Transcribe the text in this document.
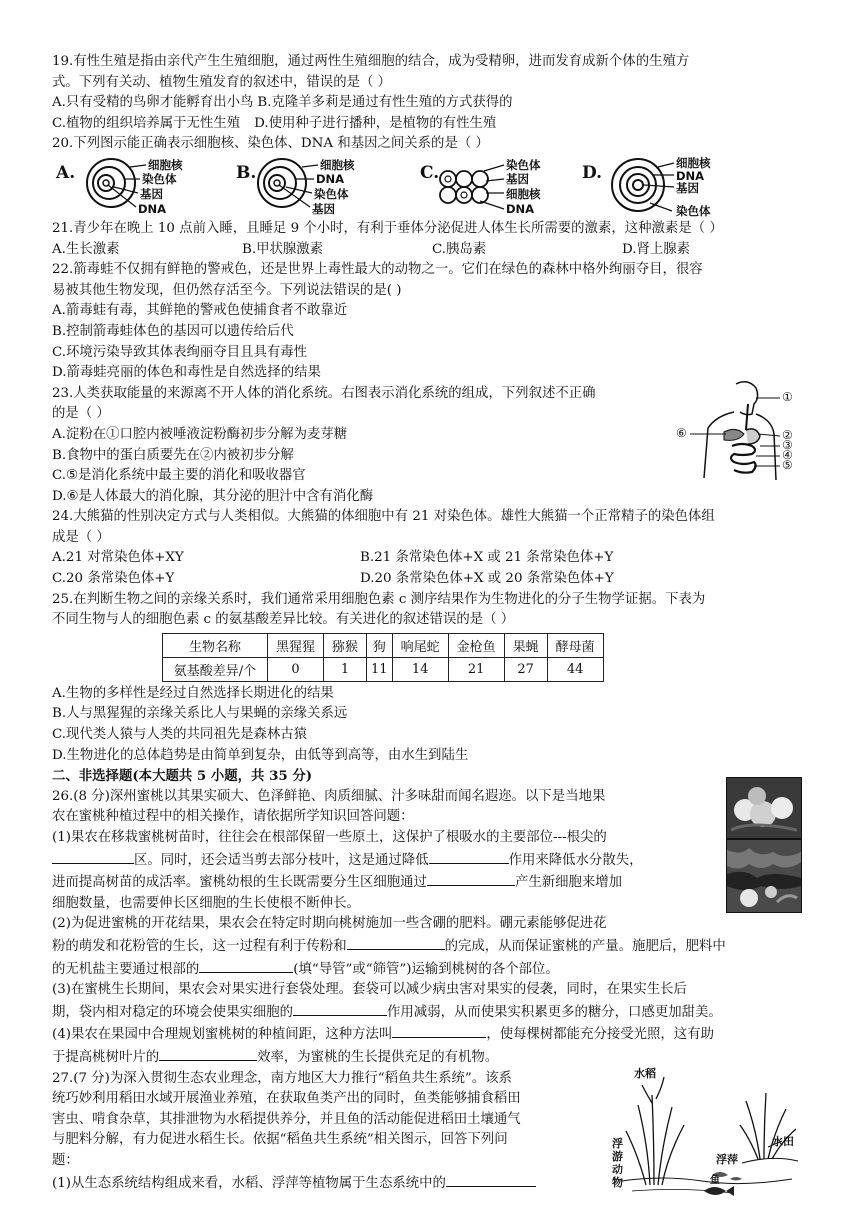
19.有性生殖是指由亲代产生生殖细胞，通过两性生殖细胞的结合，成为受精卵，进而发育成新个体的生殖方
式。下列有关动、植物生殖发育的叙述中，错误的是（ ）
A.只有受精的鸟卵才能孵育出小鸟 B.克隆羊多莉是通过有性生殖的方式获得的
C.植物的组织培养属于无性生殖 D.使用种子进行播种，是植物的有性生殖
20.下列图示能正确表示细胞核、染色体、DNA 和基因之间关系的是（ ）
A.	细胞核
染色体
基因
DNA
B.	细胞核
DNA
染色体
基因
C.	染色体
基因
细胞核
DNA
D.	细胞核
DNA
基因
染色体
21.青少年在晚上 10 点前入睡，且睡足 9 个小时，有利于垂体分泌促进人体生长所需要的激素，这种激素是（ ）
A.生长激素	B.甲状腺激素	C.胰岛素	D.肾上腺素
22.箭毒蛙不仅拥有鲜艳的警戒色，还是世界上毒性最大的动物之一。它们在绿色的森林中格外绚丽夺目，很容
易被其他生物发现，但仍然存活至今。下列说法错误的是( )
A.箭毒蛙有毒，其鲜艳的警戒色使捕食者不敢靠近
B.控制箭毒蛙体色的基因可以遗传给后代
C.环境污染导致其体表绚丽夺目且具有毒性
D.箭毒蛙亮丽的体色和毒性是自然选择的结果
23.人类获取能量的来源离不开人体的消化系统。右图表示消化系统的组成，下列叙述不正确
的是（ ）
A.淀粉在①口腔内被唾液淀粉酶初步分解为麦芽糖
B.食物中的蛋白质要先在②内被初步分解
C.⑤是消化系统中最主要的消化和吸收器官
D.⑥是人体最大的消化腺，其分泌的胆汁中含有消化酶
①
②
③
④
⑤
⑥
24.大熊猫的性别决定方式与人类相似。大熊猫的体细胞中有 21 对染色体。雄性大熊猫一个正常精子的染色体组
成是（ ）
A.21 对常染色体+XY	B.21 条常染色体+X 或 21 条常染色体+Y
C.20 条常染色体+Y	D.20 条常染色体+X 或 20 条常染色体+Y
25.在判断生物之间的亲缘关系时，我们通常采用细胞色素 c 测序结果作为生物进化的分子生物学证据。下表为
不同生物与人的细胞色素 c 的氨基酸差异比较。有关进化的叙述错误的是（ ）
生物名称	黑猩猩	猕猴	狗	响尾蛇	金枪鱼	果蝇	酵母菌
氨基酸差异/个	0	1	11	14	21	27	44
A.生物的多样性是经过自然选择长期进化的结果
B.人与黑猩猩的亲缘关系比人与果蝇的亲缘关系远
C.现代类人猿与人类的共同祖先是森林古猿
D.生物进化的总体趋势是由简单到复杂，由低等到高等，由水生到陆生
二、非选择题(本大题共 5 小题，共 35 分)
26.(8 分)深州蜜桃以其果实硕大、色泽鲜艳、肉质细腻、汁多味甜而闻名遐迩。以下是当地果
农在蜜桃种植过程中的相关操作，请依据所学知识回答问题：
(1)果农在移栽蜜桃树苗时，往往会在根部保留一些原土，这保护了根吸水的主要部位---根尖的
区。同时，还会适当剪去部分枝叶，这是通过降低	作用来降低水分散失，
进而提高树苗的成活率。蜜桃幼根的生长既需要分生区细胞通过	产生新细胞来增加
细胞数量，也需要伸长区细胞的生长使根不断伸长。
(2)为促进蜜桃的开花结果，果农会在特定时期向桃树施加一些含硼的肥料。硼元素能够促进花
粉的萌发和花粉管的生长，这一过程有利于传粉和	的完成，从而保证蜜桃的产量。施肥后，肥料中
的无机盐主要通过根部的	(填“导管”或“筛管”)运输到桃树的各个部位。
(3)在蜜桃生长期间，果农会对果实进行套袋处理。套袋可以减少病虫害对果实的侵袭，同时，在果实生长后
期，袋内相对稳定的环境会使果实细胞的	作用减弱，从而使果实积累更多的糖分，口感更加甜美。
(4)果农在果园中合理规划蜜桃树的种植间距，这种方法叫	，使每棵树都能充分接受光照，这有助
于提高桃树叶片的	效率，为蜜桃的生长提供充足的有机物。
27.(7 分)为深入贯彻生态农业理念，南方地区大力推行“稻鱼共生系统”。该系
统巧妙利用稻田水域开展渔业养殖，在获取鱼类产出的同时，鱼类能够捕食稻田
害虫、啃食杂草，其排泄物为水稻提供养分，并且鱼的活动能促进稻田土壤通气
与肥料分解，有力促进水稻生长。依据“稻鱼共生系统”相关图示，回答下列问
题：
(1)从生态系统结构组成来看，水稻、浮萍等植物属于生态系统中的
水稻
浮游动物
浮萍
鱼
水田
